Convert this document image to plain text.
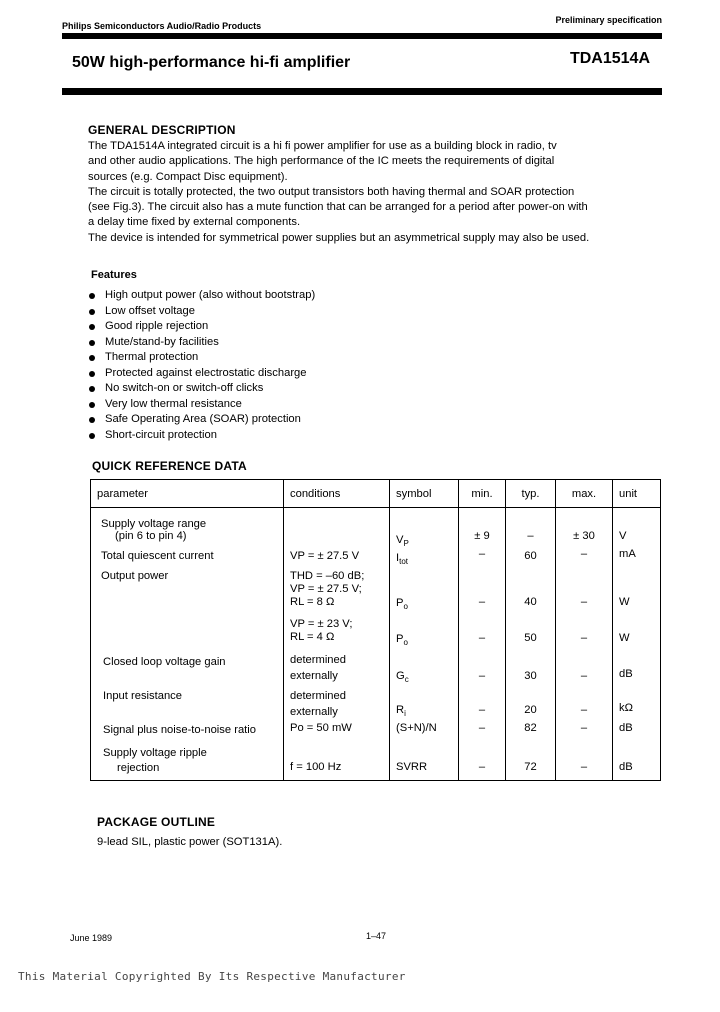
Philips Semiconductors Audio/Radio Products
Preliminary specification
50W high-performance hi-fi amplifier	TDA1514A
GENERAL DESCRIPTION
The TDA1514A integrated circuit is a hi fi power amplifier for use as a building block in radio, tv
and other audio applications. The high performance of the IC meets the requirements of digital
sources (e.g. Compact Disc equipment).
The circuit is totally protected, the two output transistors both having thermal and SOAR protection
(see Fig.3). The circuit also has a mute function that can be arranged for a period after power-on with
a delay time fixed by external components.
The device is intended for symmetrical power supplies but an asymmetrical supply may also be used.
Features
High output power (also without bootstrap)
Low offset voltage
Good ripple rejection
Mute/stand-by facilities
Thermal protection
Protected against electrostatic discharge
No switch-on or switch-off clicks
Very low thermal resistance
Safe Operating Area (SOAR) protection
Short-circuit protection
QUICK REFERENCE DATA
parameter	conditions	symbol	min.	typ.	max.	unit

Supply voltage range
(pin 6 to pin 4)		$V_P$	± 9	–	± 30	V
Total quiescent current	VP = ± 27.5 V	$I_{tot}$	–	60	–	mA
Output power	THD = –60 dB;
VP = ± 27.5 V;
RL = 8 Ω	$P_o$	–	40	–	W

	VP = ± 23 V;
RL = 4 Ω	$P_o$	–	50	–	W
Closed loop voltage gain	determined
externally	$G_c$	–	30	–	dB
Input resistance	determined
externally	$R_i$	–	20	–	kΩ
Signal plus noise-to-noise ratio	Po = 50 mW	(S+N)/N	–	82	–	dB

Supply voltage ripple
rejection	f = 100 Hz	SVRR	–	72	–	dB
PACKAGE OUTLINE
9-lead SIL, plastic power (SOT131A).
June 1989	1–47
This Material Copyrighted By Its Respective Manufacturer
